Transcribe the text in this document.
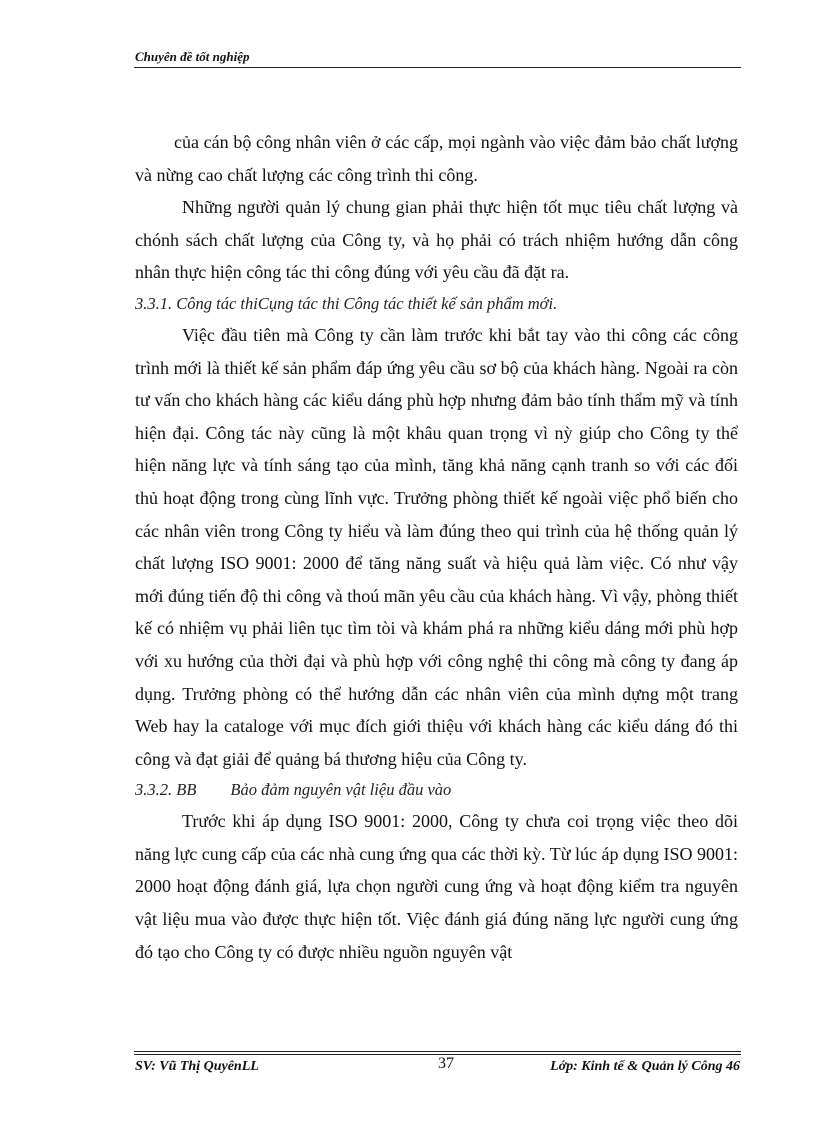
Chuyên đề tốt nghiệp

của cán bộ công nhân viên ở các cấp, mọi ngành vào việc đảm bảo chất lượng và nừng cao chất lượng các công trình thi công.

Những người quản lý chung gian phải thực hiện tốt mục tiêu chất lượng và chónh sách chất lượng của Công ty, và họ phải có trách nhiệm hướng dẫn công nhân thực hiện công tác thi công đúng với yêu cầu đã đặt ra.

3.3.1. Công tác thiCụng tác thi Công tác thiết kế sản phẩm mới.

Việc đầu tiên mà Công ty cần làm trước khi bắt tay vào thi công các công trình mới là thiết kế sản phẩm đáp ứng yêu cầu sơ bộ của khách hàng. Ngoài ra còn tư vấn cho khách hàng các kiểu dáng phù hợp nhưng đảm bảo tính thẩm mỹ và tính hiện đại. Công tác này cũng là một khâu quan trọng vì nỳ giúp cho Công ty thể hiện năng lực và tính sáng tạo của mình, tăng khả năng cạnh tranh so với các đối thủ hoạt động trong cùng lĩnh vực. Trưởng phòng thiết kế ngoài việc phổ biến cho các nhân viên trong Công ty hiểu và làm đúng theo qui trình của hệ thống quản lý chất lượng ISO 9001: 2000 để tăng năng suất và hiệu quả làm việc. Có như vậy mới đúng tiến độ thi công và thoú mãn yêu cầu của khách hàng. Vì vậy, phòng thiết kế có nhiệm vụ phải liên tục tìm tòi và khám phá ra những kiểu dáng mới phù hợp với xu hướng của thời đại và phù hợp với công nghệ thi công mà công ty đang áp dụng. Trưởng phòng có thể hướng dẫn các nhân viên của mình dựng một trang Web hay la cataloge với mục đích giới thiệu với khách hàng các kiểu dáng đó thi công và đạt giải để quảng bá thương hiệu của Công ty.

3.3.2. BB Bảo đảm nguyên vật liệu đầu vào

Trước khi áp dụng ISO 9001: 2000, Công ty chưa coi trọng việc theo dõi năng lực cung cấp của các nhà cung ứng qua các thời kỳ. Từ lúc áp dụng ISO 9001: 2000 hoạt động đánh giá, lựa chọn người cung ứng và hoạt động kiểm tra nguyên vật liệu mua vào được thực hiện tốt. Việc đánh giá đúng năng lực người cung ứng đó tạo cho Công ty có được nhiều nguồn nguyên vật

SV: Vũ Thị QuyênLL	37	Lớp: Kinh tế & Quản lý Công 46
